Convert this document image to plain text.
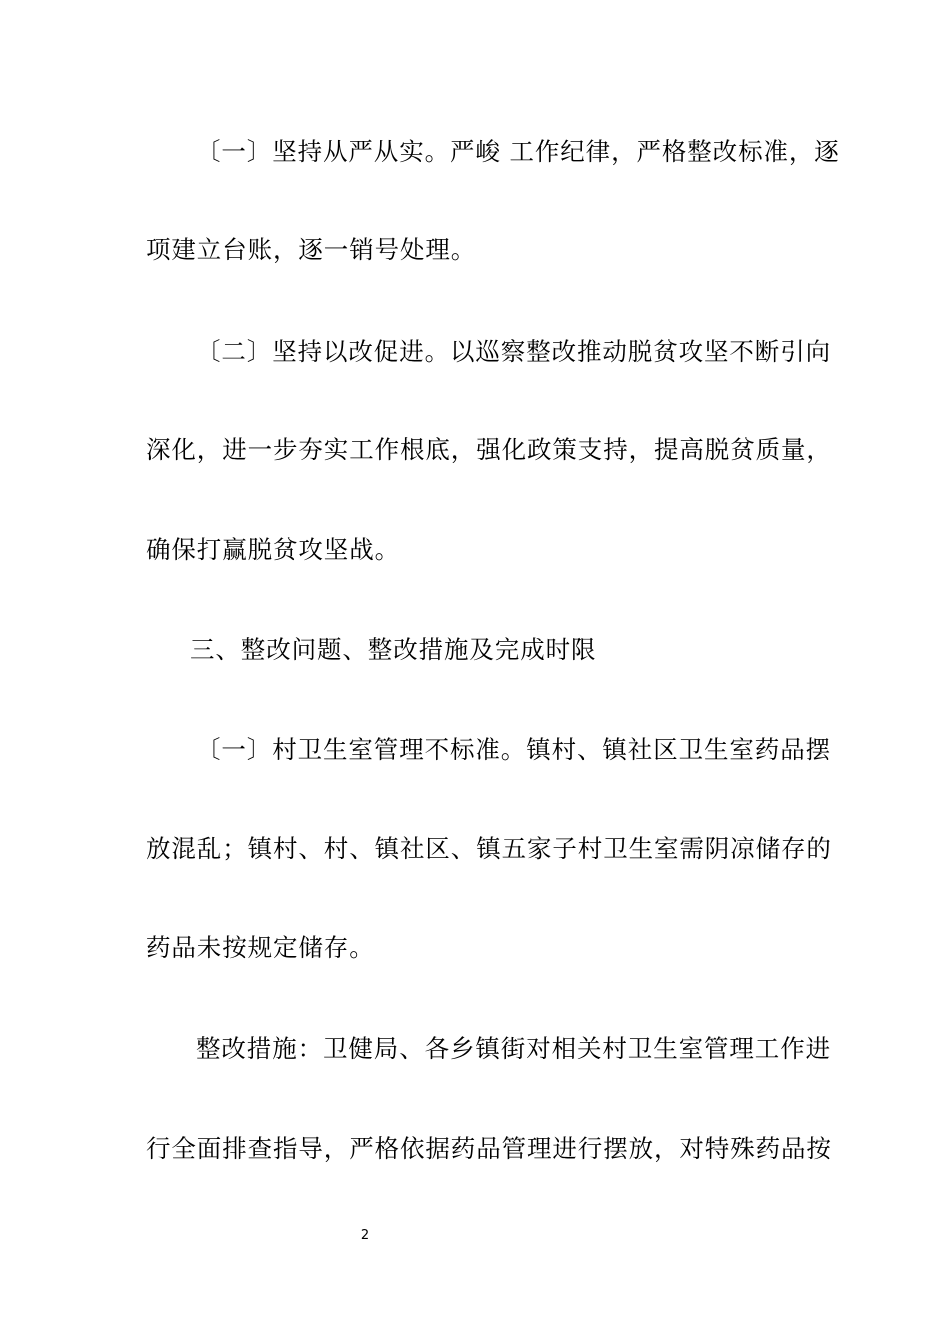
〔一〕坚持从严从实。严峻 工作纪律，严格整改标准，逐
项建立台账，逐一销号处理。
〔二〕坚持以改促进。以巡察整改推动脱贫攻坚不断引向
深化，进一步夯实工作根底，强化政策支持，提高脱贫质量，
确保打赢脱贫攻坚战。
三、整改问题、整改措施及完成时限
〔一〕村卫生室管理不标准。镇村、镇社区卫生室药品摆
放混乱；镇村、村、镇社区、镇五家子村卫生室需阴凉储存的
药品未按规定储存。
整改措施：卫健局、各乡镇街对相关村卫生室管理工作进
行全面排查指导，严格依据药品管理进行摆放，对特殊药品按
2
